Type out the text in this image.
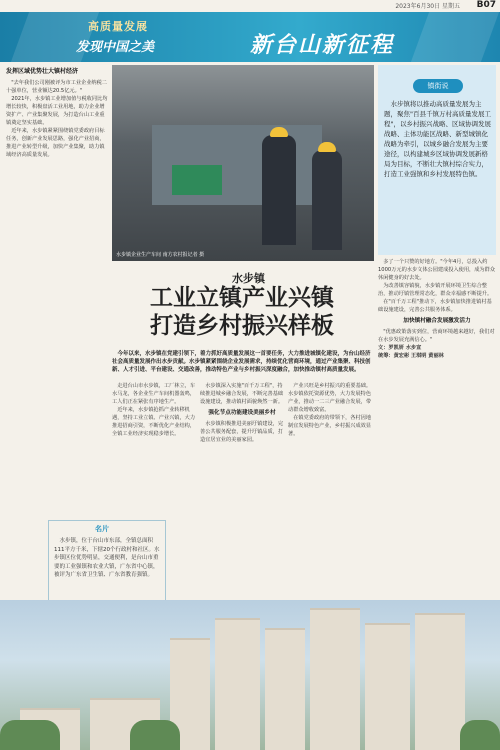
2023年6月30日 星期五 B07
高质量发展
发现中国之美	新台山新征程
发挥区域优势壮大镇村经济

"去年我们公司刚被评为市工业企业纳税二十强单位，营业额达20.5亿元。"

2021年，水步镇工业增加值与税收同比均增长较快，积极盘活工业用地，助力企业增资扩产、产业集聚发展，为打造台山工业重镇奠定坚实基础。

近年来，水步镇紧紧围绕镇党委政府目标任务，创新产业发展思路，强化产业招商，推进产业转型升级，加快产业集聚，助力镇域经济高质量发展。

水步镇企业生产车间 南方农村报记者 摄
镇街说
水步镇将以推动高质量发展为主题，聚焦"百县千镇万村高质量发展工程"，以乡村振兴战略、区域协调发展战略、主体功能区战略、新型城镇化战略为牵引，以城乡融合发展为主要途径，以构建城乡区域协调发展新格局为目标，不断壮大镇村综合实力，打造工业强镇和乡村发展特色镇。
水步镇
工业立镇产业兴镇
打造乡村振兴样板
今年以来，水步镇在党建引领下，着力抓好高质量发展这一首要任务，大力推进城镇化建设，为台山经济社会高质量发展作出水步贡献。水步镇紧紧围绕企业发展需求，持续优化营商环境，通过产业集聚、科技创新、人才引进、平台建设、交通改善，推动特色产业与乡村振兴深度融合，加快推动镇村高质量发展。

走进台山市水步镇，工厂林立，车水马龙，各企业生产车间机器轰鸣，工人们正在紧张有序地生产。

近年来，水步镇抢抓产业转移机遇，坚持工业立镇、产业兴镇，大力推进招商引资，不断优化产业结构，全镇工业经济实现稳步增长。

水步镇深入实施"百千万工程"，持续推进城乡融合发展，不断完善基础设施建设，推动镇村面貌焕然一新。

强化节点功能建设美丽乡村

水步镇积极推进美丽圩镇建设，完善公共服务配套，提升圩镇品质，打造宜居宜业的美丽家园。

产业兴旺是乡村振兴的重要基础。水步镇依托资源优势，大力发展特色产业，推动一二三产业融合发展，带动群众增收致富。

在镇党委政府的带领下，各村因地制宜发展特色产业，乡村振兴成效显著。

名片
水步镇，位于台山市东部，全镇总面积111平方千米，下辖20个行政村和社区。水步镇区位优势明显，交通便利，是台山市重要的工业强镇和农业大镇，广东省中心镇，被评为广东省卫生镇、广东省教育强镇。

多了一个只赞的好地方。"今年4月，总投入约1000万元的水步文体公园建成投入使用，成为群众休闲健身的好去处。

为改善镇容镇貌，水步镇开展环境卫生综合整治，推动圩镇管理常态化，群众幸福感不断提升。

在"百千万工程"推动下，水步镇加快推进镇村基础设施建设，完善公共服务体系。

加快镇村融合发展激发活力

"优惠政策落实到位，营商环境越来越好，我们对在水步发展充满信心。"

文：罗凯妍 水步宣

统筹：黄宏彬 王琪明 黄丽林
